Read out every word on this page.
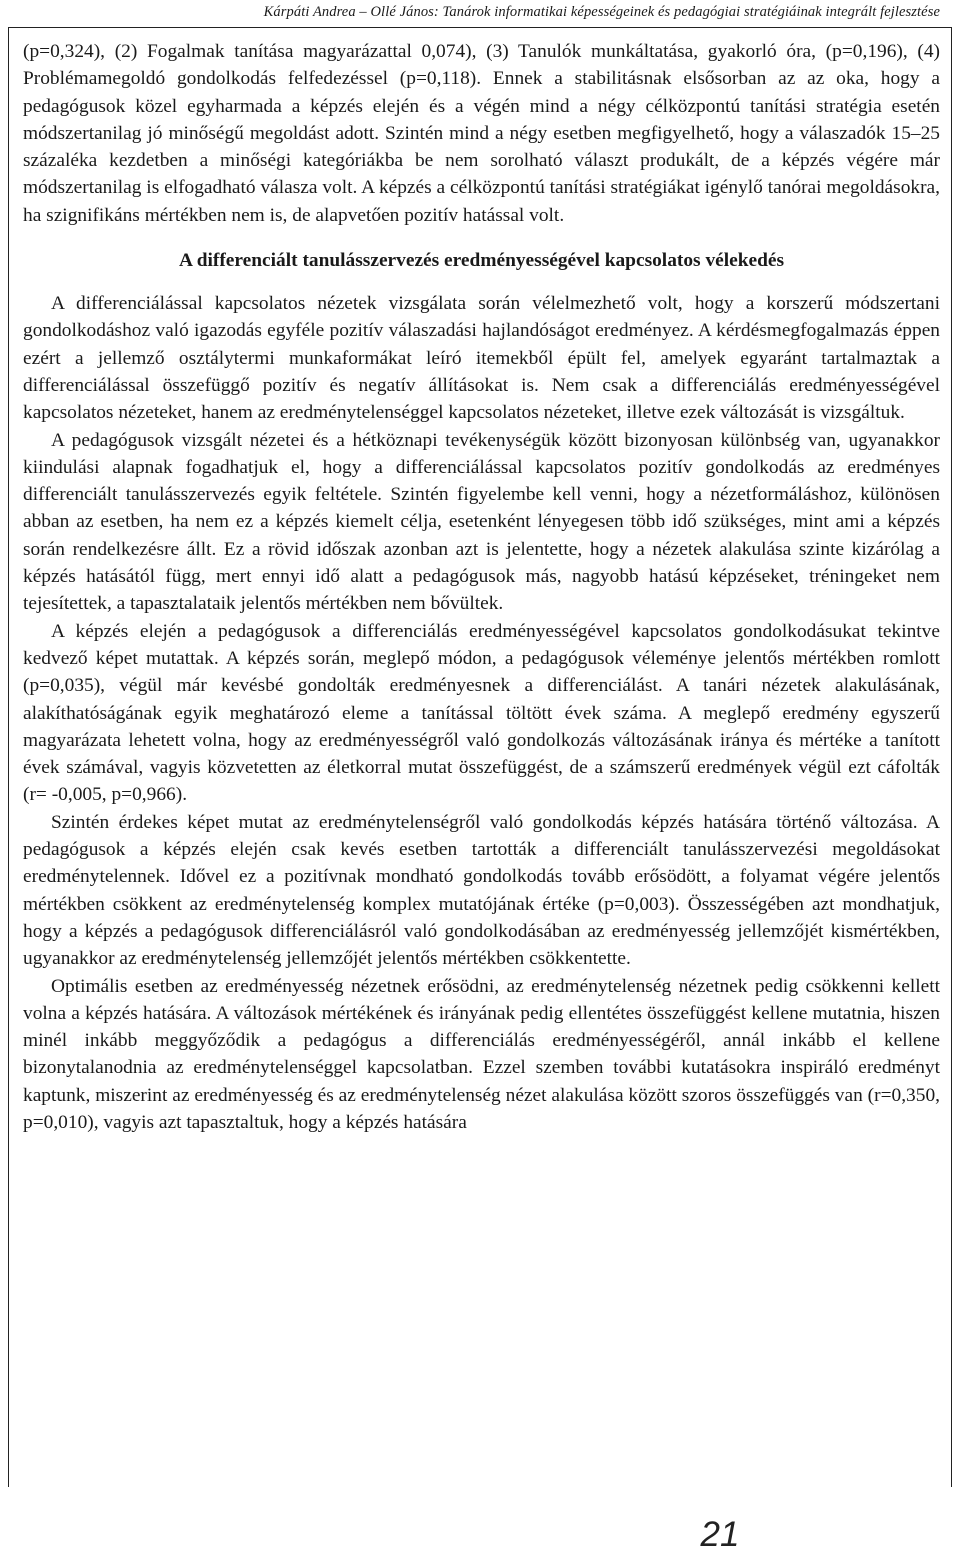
Kárpáti Andrea – Ollé János: Tanárok informatikai képességeinek és pedagógiai stratégiáinak integrált fejlesztése

(p=0,324), (2) Fogalmak tanítása magyarázattal 0,074), (3) Tanulók munkáltatása, gyakorló óra, (p=0,196), (4) Problémamegoldó gondolkodás felfedezéssel (p=0,118). Ennek a stabilitásnak elsősorban az az oka, hogy a pedagógusok közel egyharmada a képzés elején és a végén mind a négy célközpontú tanítási stratégia esetén módszertanilag jó minőségű megoldást adott. Szintén mind a négy esetben megfigyelhető, hogy a válaszadók 15–25 százaléka kezdetben a minőségi kategóriákba be nem sorolható választ produkált, de a képzés végére már módszertanilag is elfogadható válasza volt. A képzés a célközpontú tanítási stratégiákat igénylő tanórai megoldásokra, ha szignifikáns mértékben nem is, de alapvetően pozitív hatással volt.

A differenciált tanulásszervezés eredményességével kapcsolatos vélekedés

A differenciálással kapcsolatos nézetek vizsgálata során vélelmezhető volt, hogy a korszerű módszertani gondolkodáshoz való igazodás egyféle pozitív válaszadási hajlandóságot eredményez. A kérdésmegfogalmazás éppen ezért a jellemző osztálytermi munkaformákat leíró itemekből épült fel, amelyek egyaránt tartalmaztak a differenciálással összefüggő pozitív és negatív állításokat is. Nem csak a differenciálás eredményességével kapcsolatos nézeteket, hanem az eredménytelenséggel kapcsolatos nézeteket, illetve ezek változását is vizsgáltuk.

A pedagógusok vizsgált nézetei és a hétköznapi tevékenységük között bizonyosan különbség van, ugyanakkor kiindulási alapnak fogadhatjuk el, hogy a differenciálással kapcsolatos pozitív gondolkodás az eredményes differenciált tanulásszervezés egyik feltétele. Szintén figyelembe kell venni, hogy a nézetformáláshoz, különösen abban az esetben, ha nem ez a képzés kiemelt célja, esetenként lényegesen több idő szükséges, mint ami a képzés során rendelkezésre állt. Ez a rövid időszak azonban azt is jelentette, hogy a nézetek alakulása szinte kizárólag a képzés hatásától függ, mert ennyi idő alatt a pedagógusok más, nagyobb hatású képzéseket, tréningeket nem tejesítettek, a tapasztalataik jelentős mértékben nem bővültek.

A képzés elején a pedagógusok a differenciálás eredményességével kapcsolatos gondolkodásukat tekintve kedvező képet mutattak. A képzés során, meglepő módon, a pedagógusok véleménye jelentős mértékben romlott (p=0,035), végül már kevésbé gondolták eredményesnek a differenciálást. A tanári nézetek alakulásának, alakíthatóságának egyik meghatározó eleme a tanítással töltött évek száma. A meglepő eredmény egyszerű magyarázata lehetett volna, hogy az eredményességről való gondolkozás változásának iránya és mértéke a tanított évek számával, vagyis közvetetten az életkorral mutat összefüggést, de a számszerű eredmények végül ezt cáfolták (r= -0,005, p=0,966).

Szintén érdekes képet mutat az eredménytelenségről való gondolkodás képzés hatására történő változása. A pedagógusok a képzés elején csak kevés esetben tartották a differenciált tanulásszervezési megoldásokat eredménytelennek. Idővel ez a pozitívnak mondható gondolkodás tovább erősödött, a folyamat végére jelentős mértékben csökkent az eredménytelenség komplex mutatójának értéke (p=0,003). Összességében azt mondhatjuk, hogy a képzés a pedagógusok differenciálásról való gondolkodásában az eredményesség jellemzőjét kismértékben, ugyanakkor az eredménytelenség jellemzőjét jelentős mértékben csökkentette.

Optimális esetben az eredményesség nézetnek erősödni, az eredménytelenség nézetnek pedig csökkenni kellett volna a képzés hatására. A változások mértékének és irányának pedig ellentétes összefüggést kellene mutatnia, hiszen minél inkább meggyőződik a pedagógus a differenciálás eredményességéről, annál inkább el kellene bizonytalanodnia az eredménytelenséggel kapcsolatban. Ezzel szemben további kutatásokra inspiráló eredményt kaptunk, miszerint az eredményesség és az eredménytelenség nézet alakulása között szoros összefüggés van (r=0,350, p=0,010), vagyis azt tapasztaltuk, hogy a képzés hatására

21
